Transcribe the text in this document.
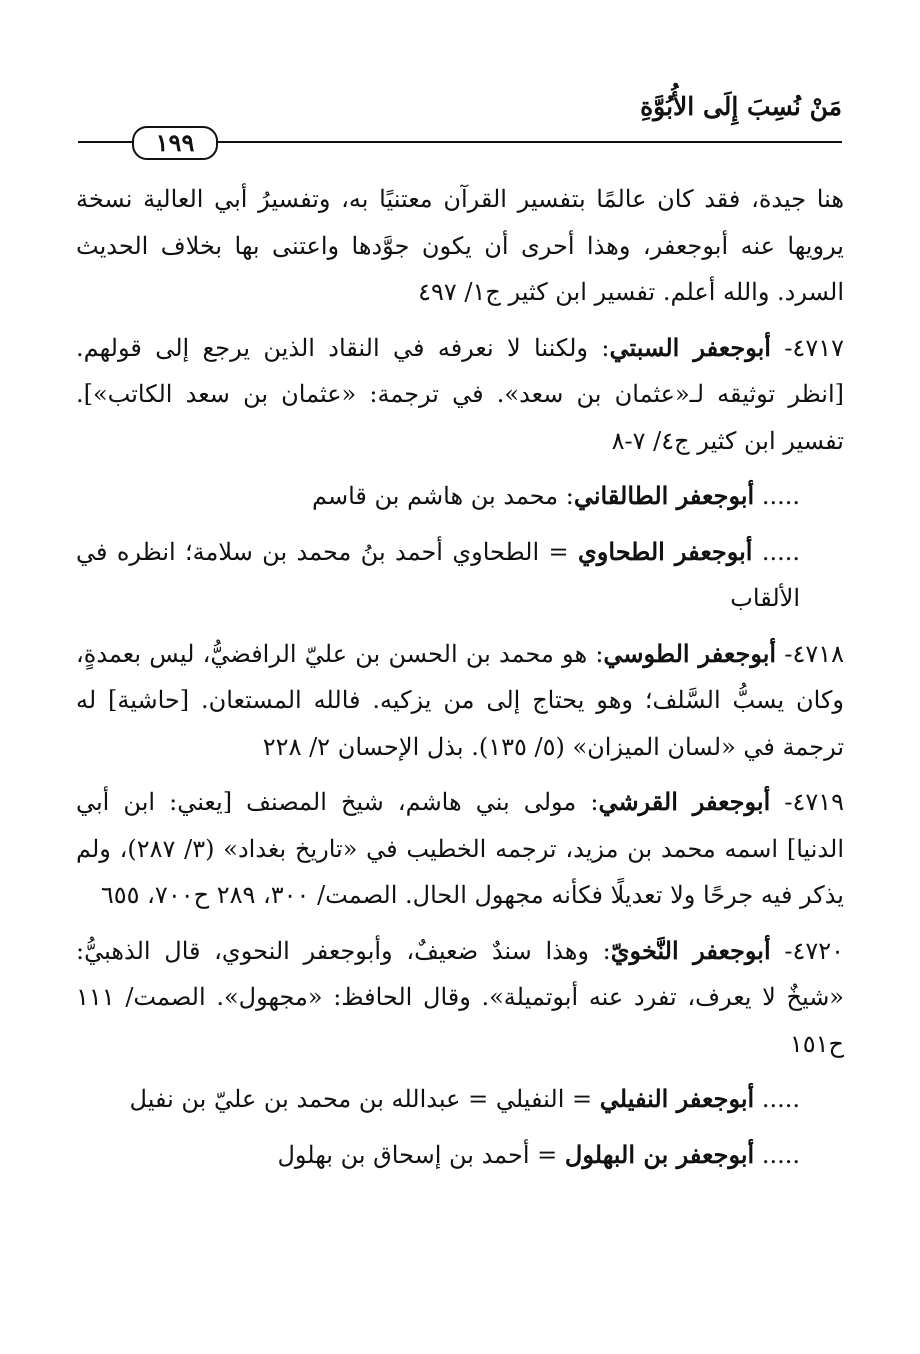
مَنْ نُسِبَ إِلَى الأُبُوَّةِ
١٩٩

هنا جيدة، فقد كان عالمًا بتفسير القرآن معتنيًا به، وتفسيرُ أبي العالية نسخة يرويها عنه أبوجعفر، وهذا أحرى أن يكون جوَّدها واعتنى بها بخلاف الحديث السرد. والله أعلم. تفسير ابن كثير ج١/ ٤٩٧

٤٧١٧- أبوجعفر السبتي: ولكننا لا نعرفه في النقاد الذين يرجع إلى قولهم. [انظر توثيقه لـ«عثمان بن سعد». في ترجمة: «عثمان بن سعد الكاتب»]. تفسير ابن كثير ج٤/ ٧-٨

..... أبوجعفر الطالقاني: محمد بن هاشم بن قاسم

..... أبوجعفر الطحاوي = الطحاوي أحمد بنُ محمد بن سلامة؛ انظره في الألقاب

٤٧١٨- أبوجعفر الطوسي: هو محمد بن الحسن بن عليّ الرافضيُّ، ليس بعمدةٍ، وكان يسبُّ السَّلف؛ وهو يحتاج إلى من يزكيه. فالله المستعان. [حاشية] له ترجمة في «لسان الميزان» (٥/ ١٣٥). بذل الإحسان ٢/ ٢٢٨

٤٧١٩- أبوجعفر القرشي: مولى بني هاشم، شيخ المصنف [يعني: ابن أبي الدنيا] اسمه محمد بن مزيد، ترجمه الخطيب في «تاريخ بغداد» (٣/ ٢٨٧)، ولم يذكر فيه جرحًا ولا تعديلًا فكأنه مجهول الحال. الصمت/ ٣٠٠، ٢٨٩ ح٧٠٠، ٦٥٥

٤٧٢٠- أبوجعفر النَّخويّ: وهذا سندٌ ضعيفٌ، وأبوجعفر النحوي، قال الذهبيُّ: «شيخٌ لا يعرف، تفرد عنه أبوتميلة». وقال الحافظ: «مجهول». الصمت/ ١١١ ح١٥١

..... أبوجعفر النفيلي = النفيلي = عبدالله بن محمد بن عليّ بن نفيل

..... أبوجعفر بن البهلول = أحمد بن إسحاق بن بهلول
